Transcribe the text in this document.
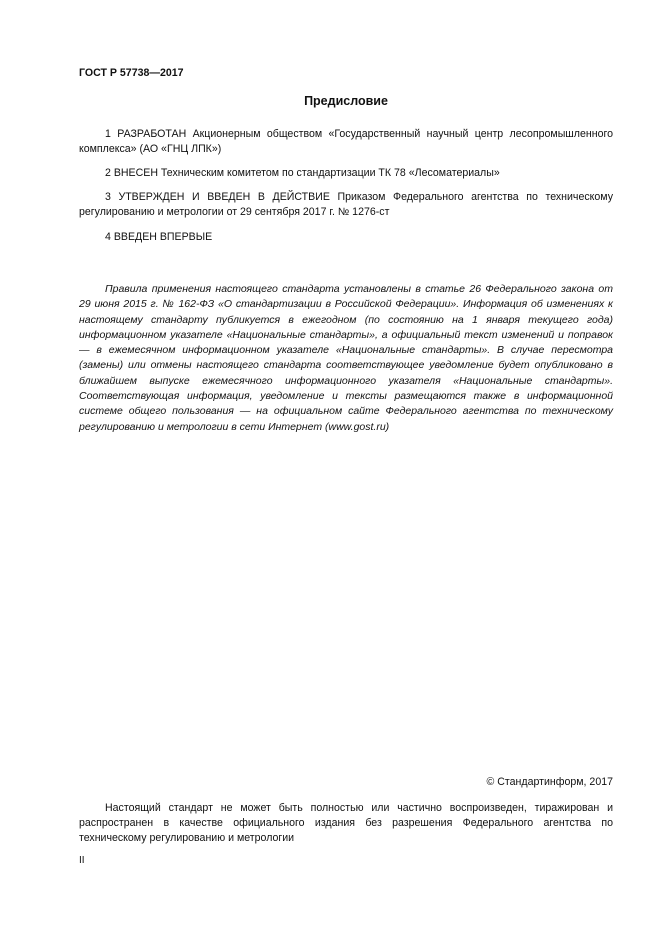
ГОСТ Р 57738—2017
Предисловие
1 РАЗРАБОТАН Акционерным обществом «Государственный научный центр лесопромышленного комплекса» (АО «ГНЦ ЛПК»)
2 ВНЕСЕН Техническим комитетом по стандартизации ТК 78 «Лесоматериалы»
3 УТВЕРЖДЕН И ВВЕДЕН В ДЕЙСТВИЕ Приказом Федерального агентства по техническому регулированию и метрологии от 29 сентября 2017 г. № 1276-ст
4 ВВЕДЕН ВПЕРВЫЕ
Правила применения настоящего стандарта установлены в статье 26 Федерального закона от 29 июня 2015 г. № 162-ФЗ «О стандартизации в Российской Федерации». Информация об изменениях к настоящему стандарту публикуется в ежегодном (по состоянию на 1 января текущего года) информационном указателе «Национальные стандарты», а официальный текст изменений и поправок — в ежемесячном информационном указателе «Национальные стандарты». В случае пересмотра (замены) или отмены настоящего стандарта соответствующее уведомление будет опубликовано в ближайшем выпуске ежемесячного информационного указателя «Национальные стандарты». Соответствующая информация, уведомление и тексты размещаются также в информационной системе общего пользования — на официальном сайте Федерального агентства по техническому регулированию и метрологии в сети Интернет (www.gost.ru)
© Стандартинформ, 2017
Настоящий стандарт не может быть полностью или частично воспроизведен, тиражирован и распространен в качестве официального издания без разрешения Федерального агентства по техническому регулированию и метрологии
II
